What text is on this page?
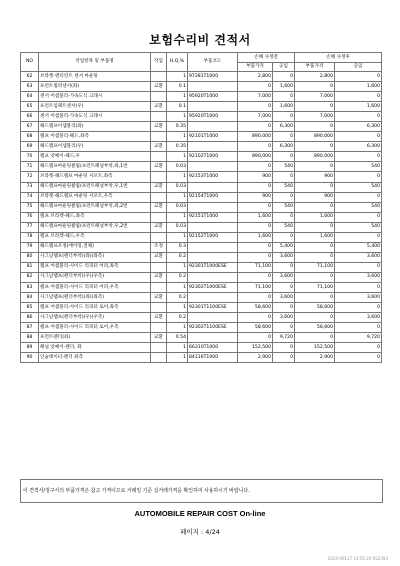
보험수리비 견적서
NO	작업항목 및 부품명	작업	H,Q,%	부품코드	손해 사정전		손해 사정후	
					부품가격	공임	부품가격	공임
62	브라켓-앤티런트 센서 마운팅		1	97281T1000	2,800	0	2,800	0
63	프런트범퍼센서(좌)	교환	0.1		0	1,600	0	1,600
64	센서 어셈블리-가속도식 크래시		1	95920T1000	7,000	0	7,000	0
65	프런트임팩트센서(우)	교환	0.1		0	1,600	0	1,600
66	센서 어셈블리-가속도식 크래시		1	95920T1000	7,000	0	7,000	0
67	헤드램프어셈블리(좌)	교환	0.35		0	6,300	0	6,300
68	램프 어셈블리-헤드,좌측		1	92101T1000	890,000	0	890,000	0
69	헤드램프어셈블리(우)	교환	0.35		0	6,300	0	6,300
70	램프 앗쎄이-헤드,우		1	92102T1000	890,000	0	890,000	0
71	헤드램프마운팅클립(프런트패널부착,좌,1번	교환	0.03		0	540	0	540
72	브라켓-헤드램프 마운팅 서포트,좌측		1	92153T1000	900	0	900	0
73	헤드램프마운팅클립(프런트패널부착,우,1번	교환	0.03		0	540	0	540
74	브라켓-헤드램프 마운팅 서포트,우측		1	92154T1000	900	0	900	0
75	헤드램프마운팅클립(프런트패널부착,좌,2번	교환	0.03		0	540	0	540
76	램프 브라켓-헤드,좌측		1	92151T1000	1,600	0	1,600	0
77	헤드램프마운팅클립(프런트패널부착,우,2번	교환	0.03		0	540	0	540
78	램프 브라켓-헤드,우측		1	92152T1000	1,600	0	1,600	0
79	헤드램프조정(에이밍,전체)	조정	0.3		0	5,400	0	5,400
80	사그날램프(펜더부착)(좌)(좌측)	교환	0.2		0	3,600	0	3,600
81	램프 어셈블리-사이드 리피터 어퍼,좌측		1	92301T1000ESE	71,100	0	71,100	0
82	사그날램프(펜더부착)(우)(우측)	교환	0.2		0	3,600	0	3,600
83	램프 어셈블리-사이드 리피터 어퍼,우측		1	92302T1000ESE	71,100	0	71,100	0
84	사그날램프(펜더부착)(좌)(좌측)	교환	0.2		0	3,600	0	3,600
85	램프 어셈블리-사이드 리피터 로어,좌측		1	92301T1100ESE	58,600	0	58,600	0
86	사그날램프(펜더부착)(우)(우측)	교환	0.2		0	3,600	0	3,600
87	램프 어셈블리-사이드 리피터 로어,우측		1	92302T1100ESE	58,600	0	58,600	0
88	프런트펜더(좌)	교환	0.54		0	9,720	0	9,720
89	패널 앗쎄이-펜더, 좌		1	66310T1000	152,500	0	152,500	0
90	인슐레이터-펜더 좌측		1	84116T1000	2,900	0	2,900	0
이 견적서/청구서의 부품가격은 참고 가격이므로 거래일 기준 실거래가격을 확인하여 사용하시기 바랍니다.
AUTOMOBILE REPAIR COST On-line
페이지 : 4/24
2024-00117 14:50:20 KS2393
